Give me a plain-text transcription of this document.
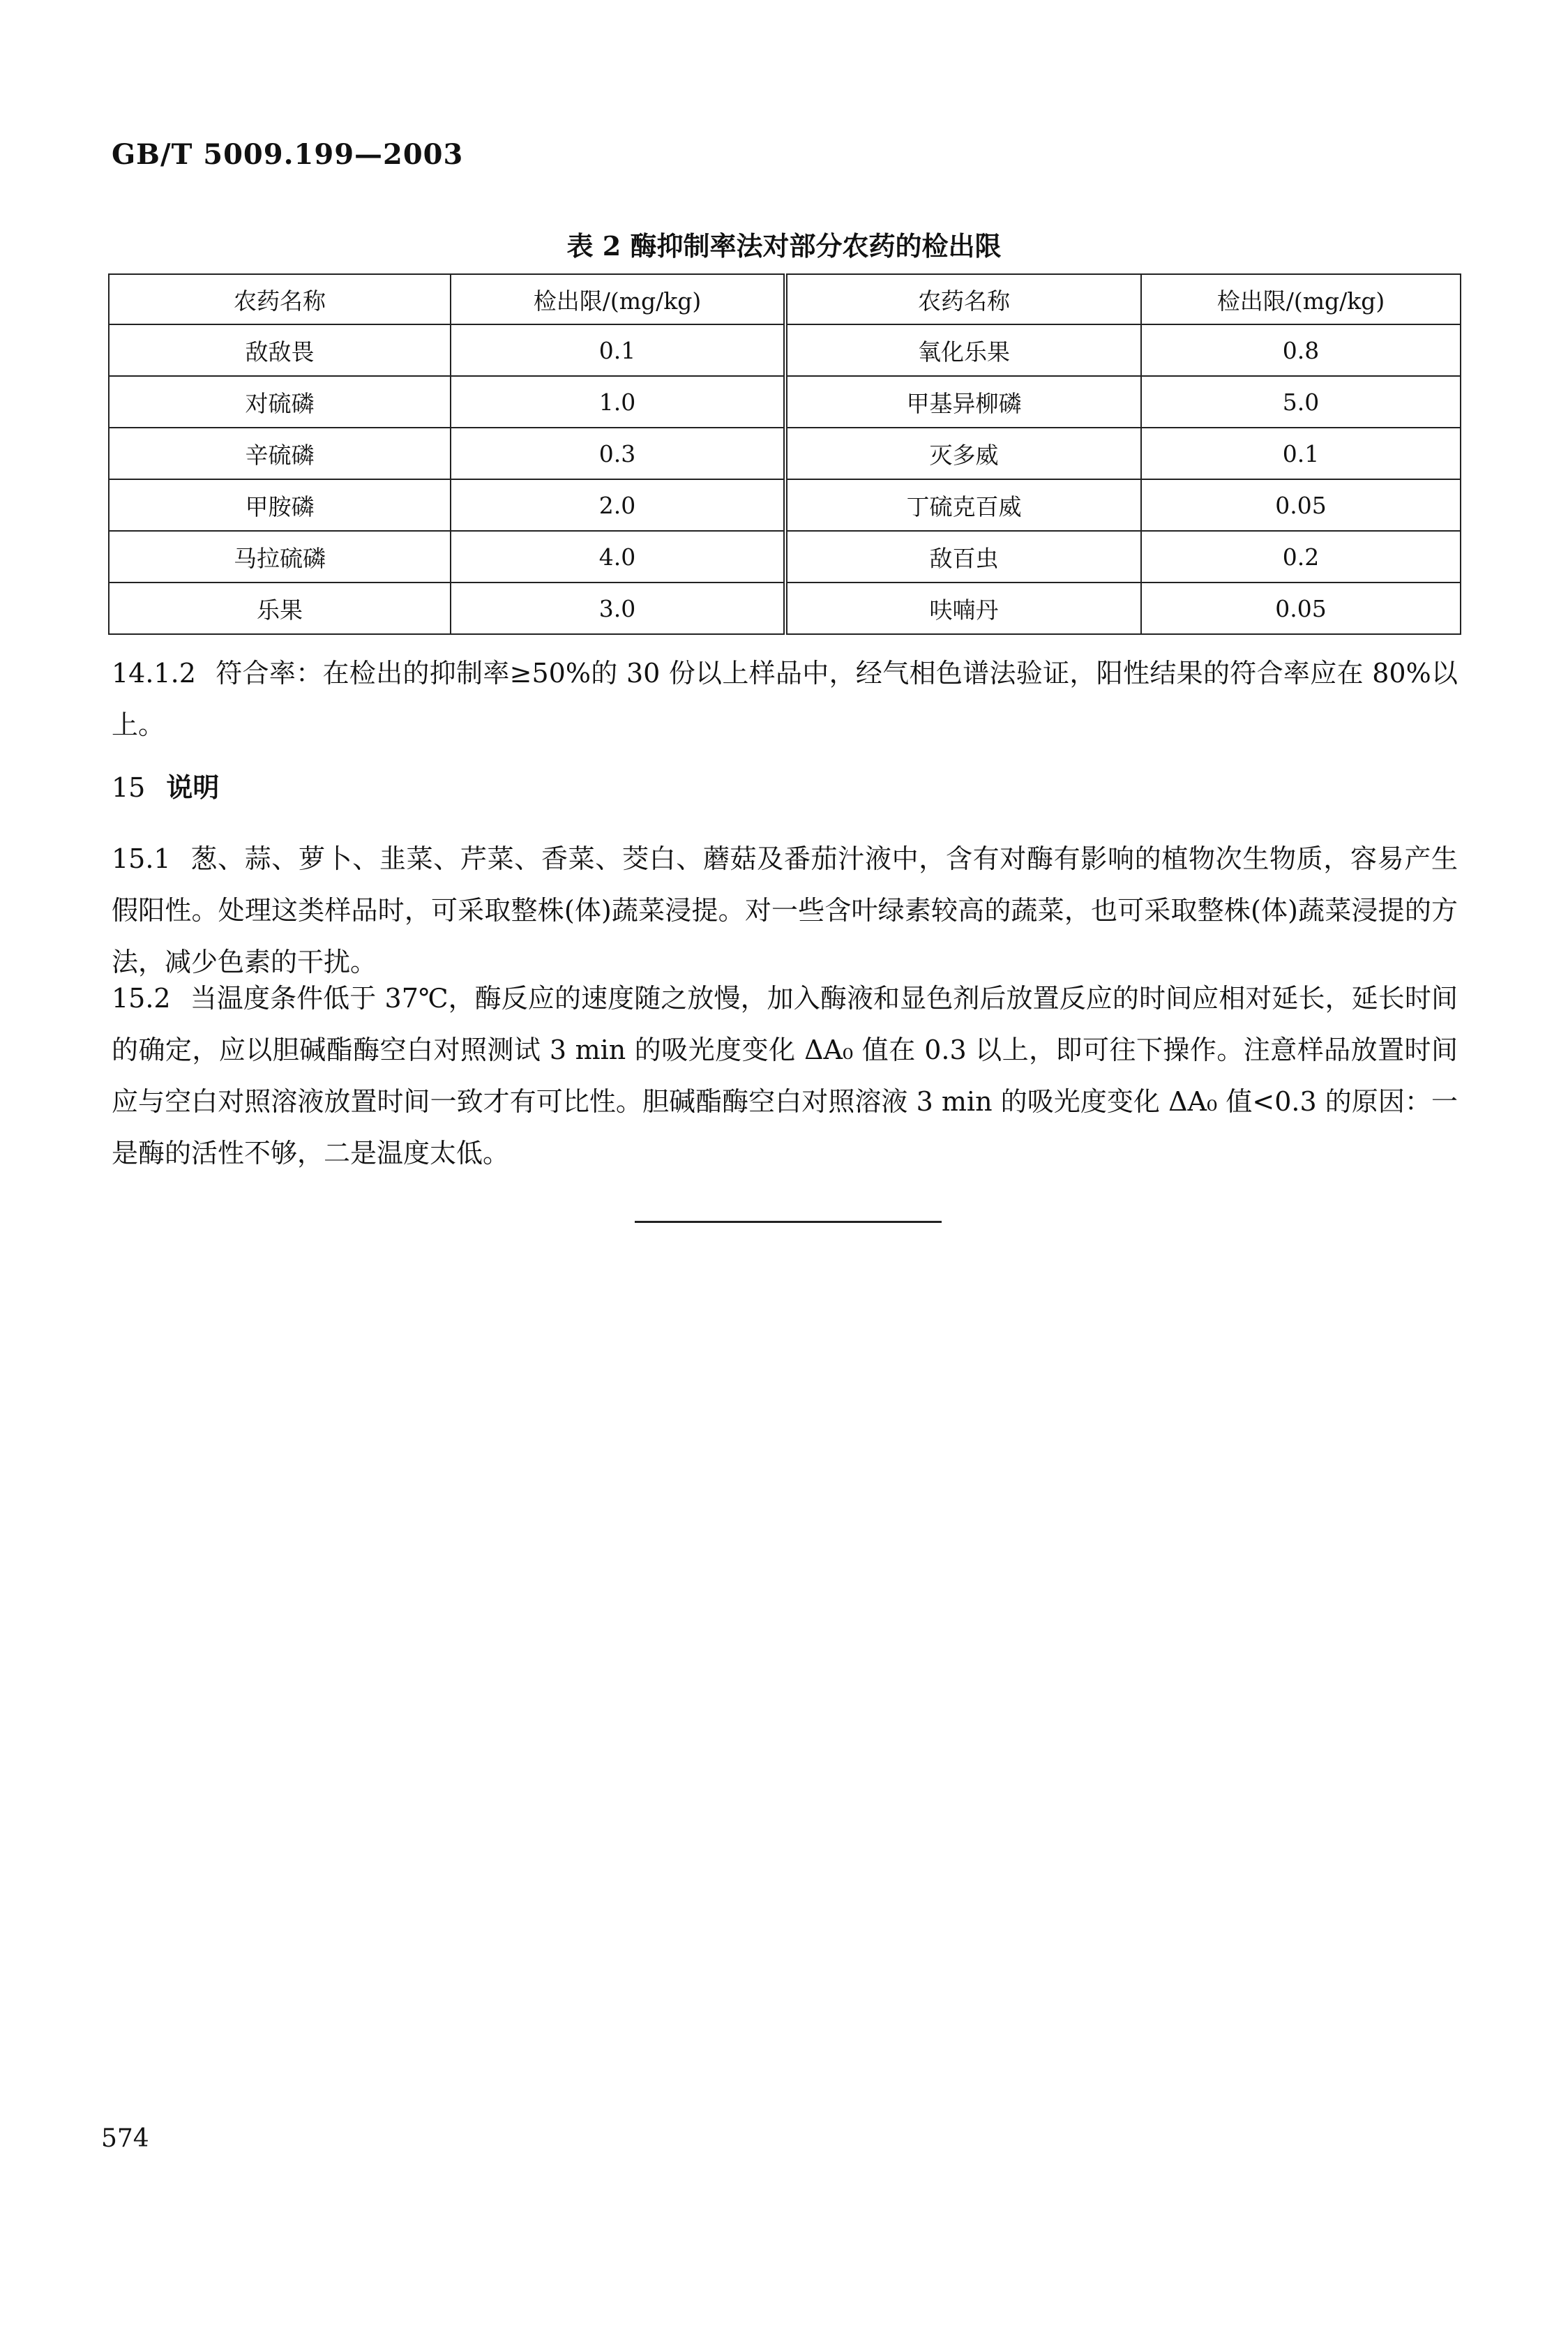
GB/T 5009.199—2003
表 2 酶抑制率法对部分农药的检出限
农药名称	检出限/(mg/kg)	农药名称	检出限/(mg/kg)
敌敌畏	0.1	氧化乐果	0.8
对硫磷	1.0	甲基异柳磷	5.0
辛硫磷	0.3	灭多威	0.1
甲胺磷	2.0	丁硫克百威	0.05
马拉硫磷	4.0	敌百虫	0.2
乐果	3.0	呋喃丹	0.05
14.1.2 符合率：在检出的抑制率≥50%的 30 份以上样品中，经气相色谱法验证，阳性结果的符合率应在 80%以上。
15 说明
15.1 葱、蒜、萝卜、韭菜、芹菜、香菜、茭白、蘑菇及番茄汁液中，含有对酶有影响的植物次生物质，容易产生假阳性。处理这类样品时，可采取整株(体)蔬菜浸提。对一些含叶绿素较高的蔬菜，也可采取整株(体)蔬菜浸提的方法，减少色素的干扰。
15.2 当温度条件低于 37℃，酶反应的速度随之放慢，加入酶液和显色剂后放置反应的时间应相对延长，延长时间的确定，应以胆碱酯酶空白对照测试 3 min 的吸光度变化 ΔA₀ 值在 0.3 以上，即可往下操作。注意样品放置时间应与空白对照溶液放置时间一致才有可比性。胆碱酯酶空白对照溶液 3 min 的吸光度变化 ΔA₀ 值<0.3 的原因：一是酶的活性不够，二是温度太低。
574
